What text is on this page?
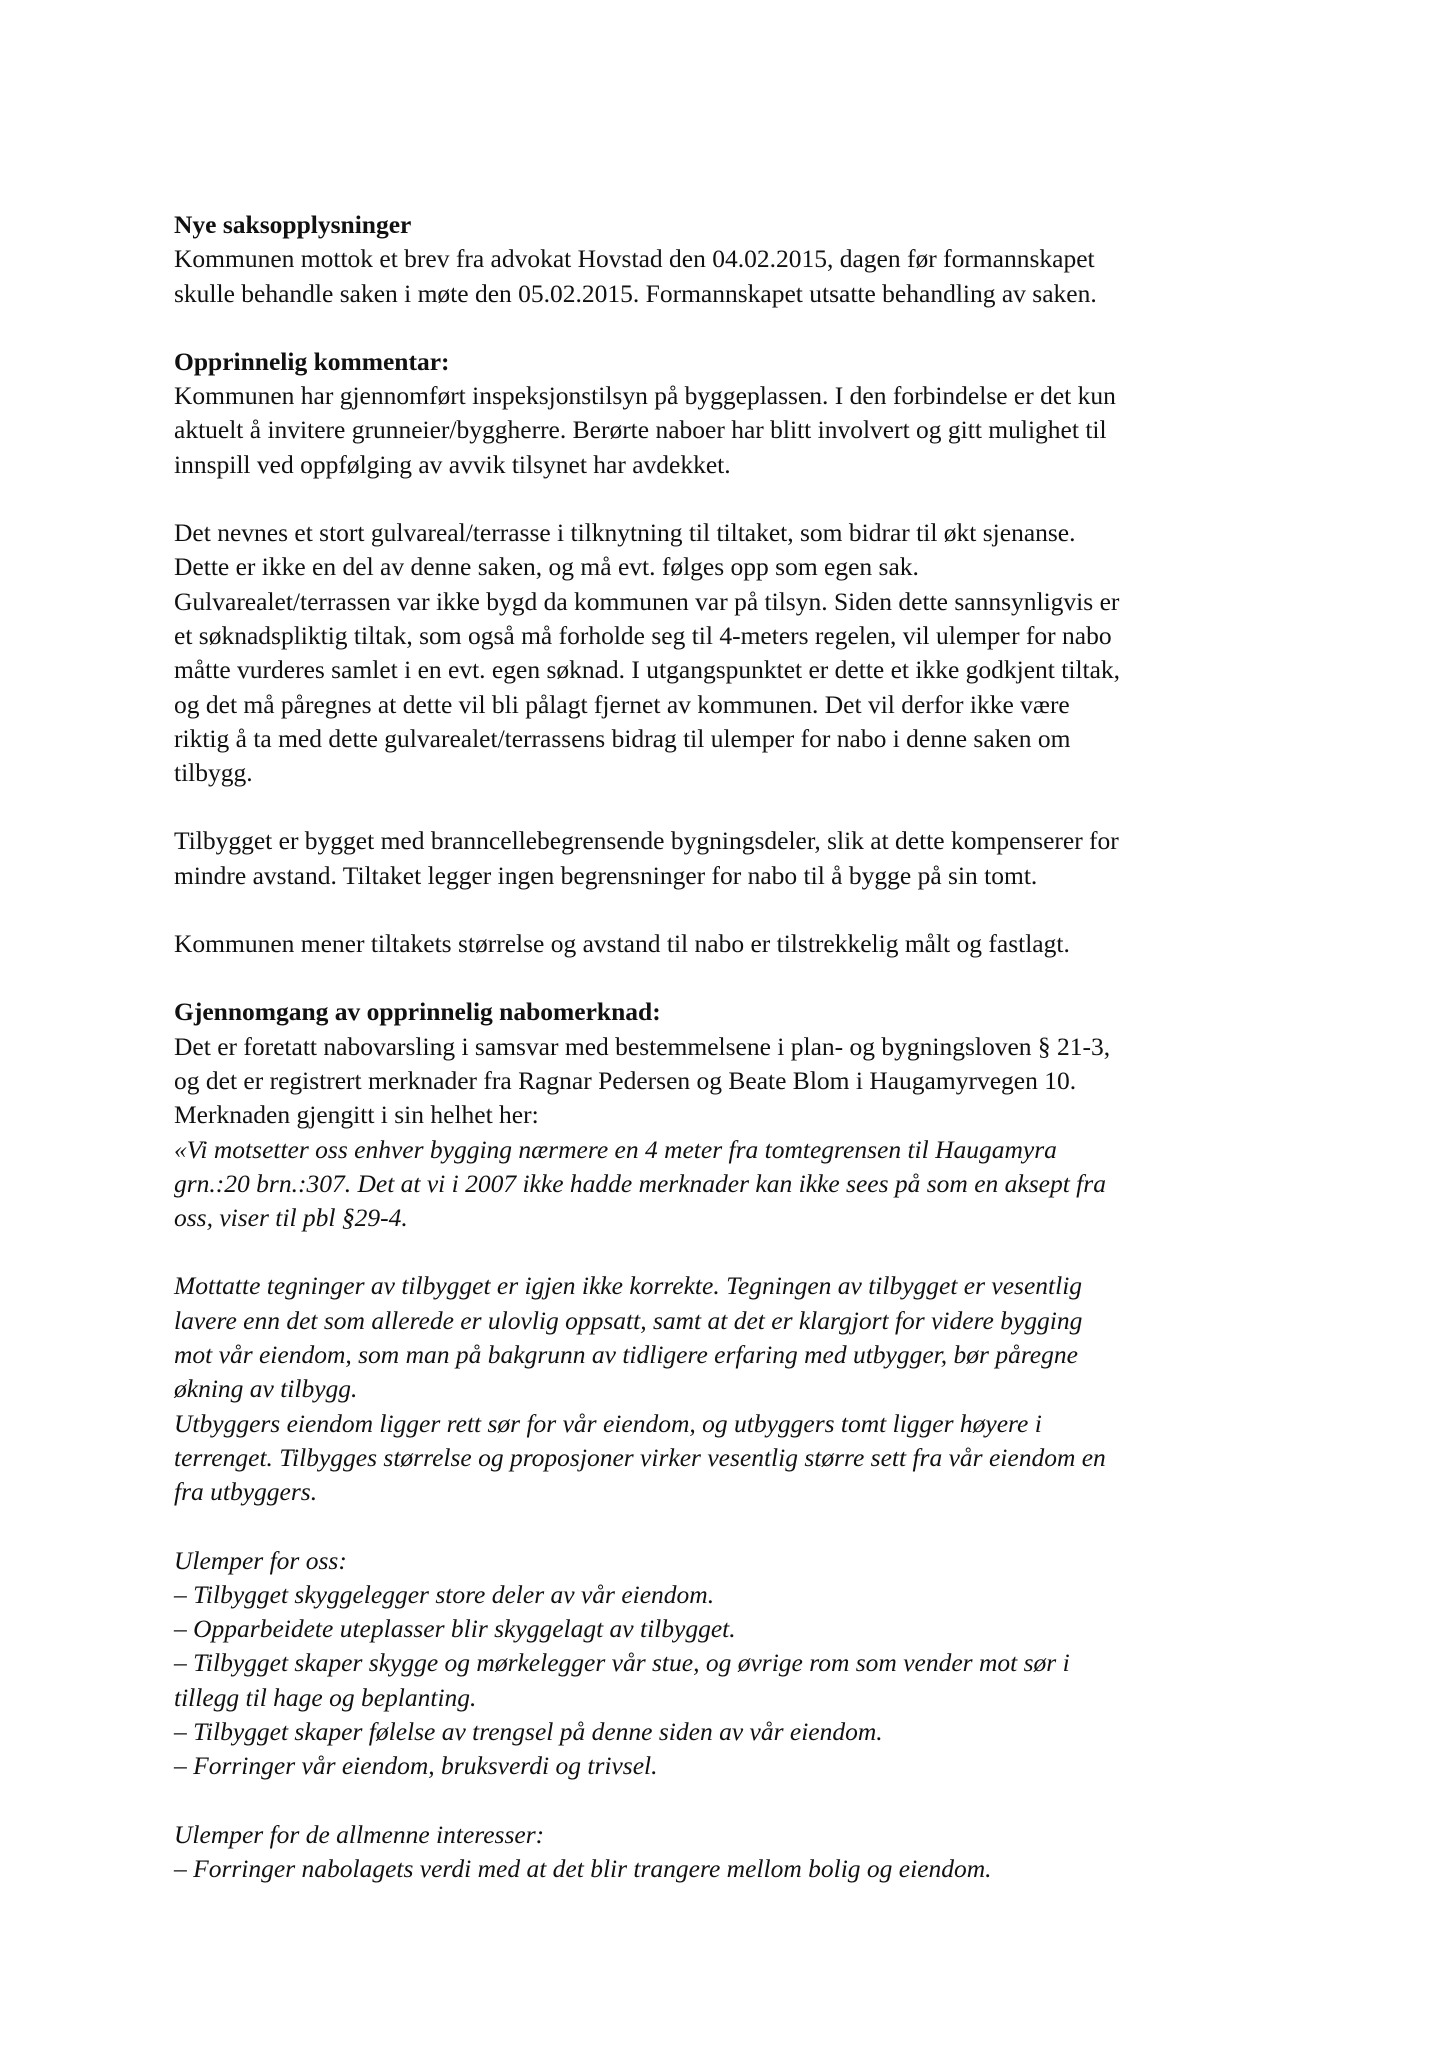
Nye saksopplysninger

Kommunen mottok et brev fra advokat Hovstad den 04.02.2015, dagen før formannskapet

skulle behandle saken i møte den 05.02.2015. Formannskapet utsatte behandling av saken.

Opprinnelig kommentar:

Kommunen har gjennomført inspeksjonstilsyn på byggeplassen. I den forbindelse er det kun

aktuelt å invitere grunneier/byggherre. Berørte naboer har blitt involvert og gitt mulighet til

innspill ved oppfølging av avvik tilsynet har avdekket.

Det nevnes et stort gulvareal/terrasse i tilknytning til tiltaket, som bidrar til økt sjenanse.

Dette er ikke en del av denne saken, og må evt. følges opp som egen sak.

Gulvarealet/terrassen var ikke bygd da kommunen var på tilsyn. Siden dette sannsynligvis er

et søknadspliktig tiltak, som også må forholde seg til 4-meters regelen, vil ulemper for nabo

måtte vurderes samlet i en evt. egen søknad. I utgangspunktet er dette et ikke godkjent tiltak,

og det må påregnes at dette vil bli pålagt fjernet av kommunen. Det vil derfor ikke være

riktig å ta med dette gulvarealet/terrassens bidrag til ulemper for nabo i denne saken om

tilbygg.

Tilbygget er bygget med branncellebegrensende bygningsdeler, slik at dette kompenserer for

mindre avstand. Tiltaket legger ingen begrensninger for nabo til å bygge på sin tomt.

Kommunen mener tiltakets størrelse og avstand til nabo er tilstrekkelig målt og fastlagt.

Gjennomgang av opprinnelig nabomerknad:

Det er foretatt nabovarsling i samsvar med bestemmelsene i plan- og bygningsloven § 21-3,

og det er registrert merknader fra Ragnar Pedersen og Beate Blom i Haugamyrvegen 10.

Merknaden gjengitt i sin helhet her:

«Vi motsetter oss enhver bygging nærmere en 4 meter fra tomtegrensen til Haugamyra

grn.:20 brn.:307. Det at vi i 2007 ikke hadde merknader kan ikke sees på som en aksept fra

oss, viser til pbl §29-4.

Mottatte tegninger av tilbygget er igjen ikke korrekte. Tegningen av tilbygget er vesentlig

lavere enn det som allerede er ulovlig oppsatt, samt at det er klargjort for videre bygging

mot vår eiendom, som man på bakgrunn av tidligere erfaring med utbygger, bør påregne

økning av tilbygg.

Utbyggers eiendom ligger rett sør for vår eiendom, og utbyggers tomt ligger høyere i

terrenget. Tilbygges størrelse og proposjoner virker vesentlig større sett fra vår eiendom en

fra utbyggers.

Ulemper for oss:

– Tilbygget skyggelegger store deler av vår eiendom.

– Opparbeidete uteplasser blir skyggelagt av tilbygget.

– Tilbygget skaper skygge og mørkelegger vår stue, og øvrige rom som vender mot sør i

tillegg til hage og beplanting.

– Tilbygget skaper følelse av trengsel på denne siden av vår eiendom.

– Forringer vår eiendom, bruksverdi og trivsel.

Ulemper for de allmenne interesser:

– Forringer nabolagets verdi med at det blir trangere mellom bolig og eiendom.
